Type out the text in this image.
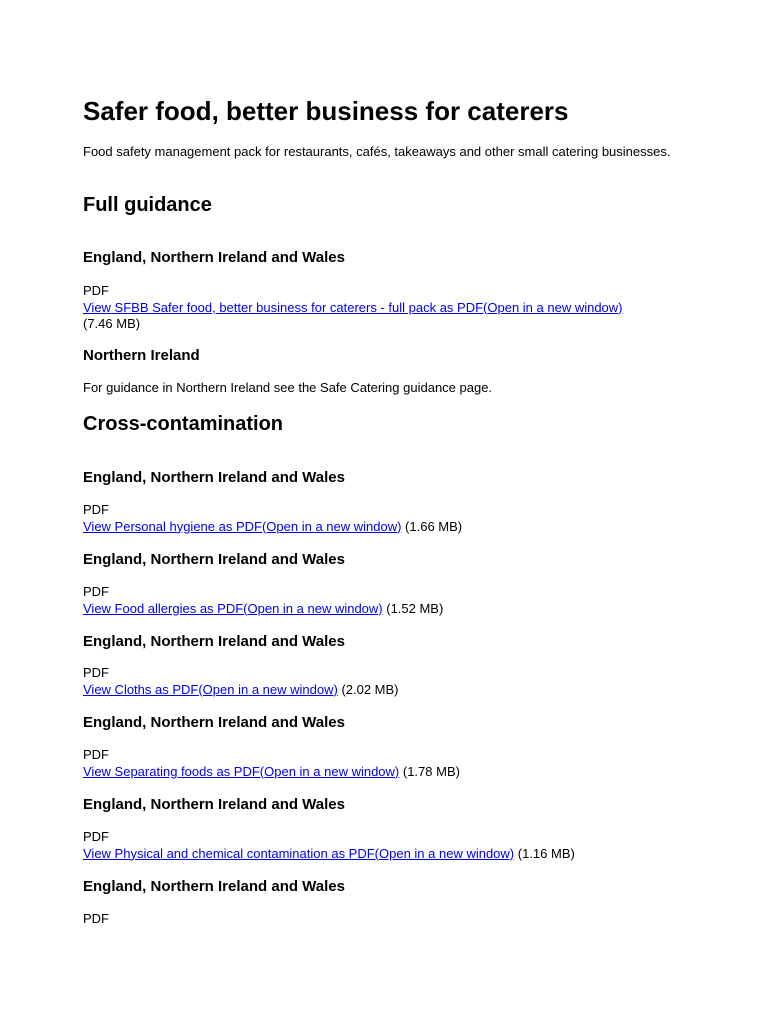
Safer food, better business for caterers

Food safety management pack for restaurants, cafés, takeaways and other small catering businesses.

Full guidance
England, Northern Ireland and Wales
PDF
View SFBB Safer food, better business for caterers - full pack as PDF(Open in a new window)
(7.46 MB)
Northern Ireland

For guidance in Northern Ireland see the Safe Catering guidance page.

Cross-contamination
England, Northern Ireland and Wales
PDF
View Personal hygiene as PDF(Open in a new window) (1.66 MB)
England, Northern Ireland and Wales
PDF
View Food allergies as PDF(Open in a new window) (1.52 MB)
England, Northern Ireland and Wales
PDF
View Cloths as PDF(Open in a new window) (2.02 MB)
England, Northern Ireland and Wales
PDF
View Separating foods as PDF(Open in a new window) (1.78 MB)
England, Northern Ireland and Wales
PDF
View Physical and chemical contamination as PDF(Open in a new window) (1.16 MB)
England, Northern Ireland and Wales
PDF
